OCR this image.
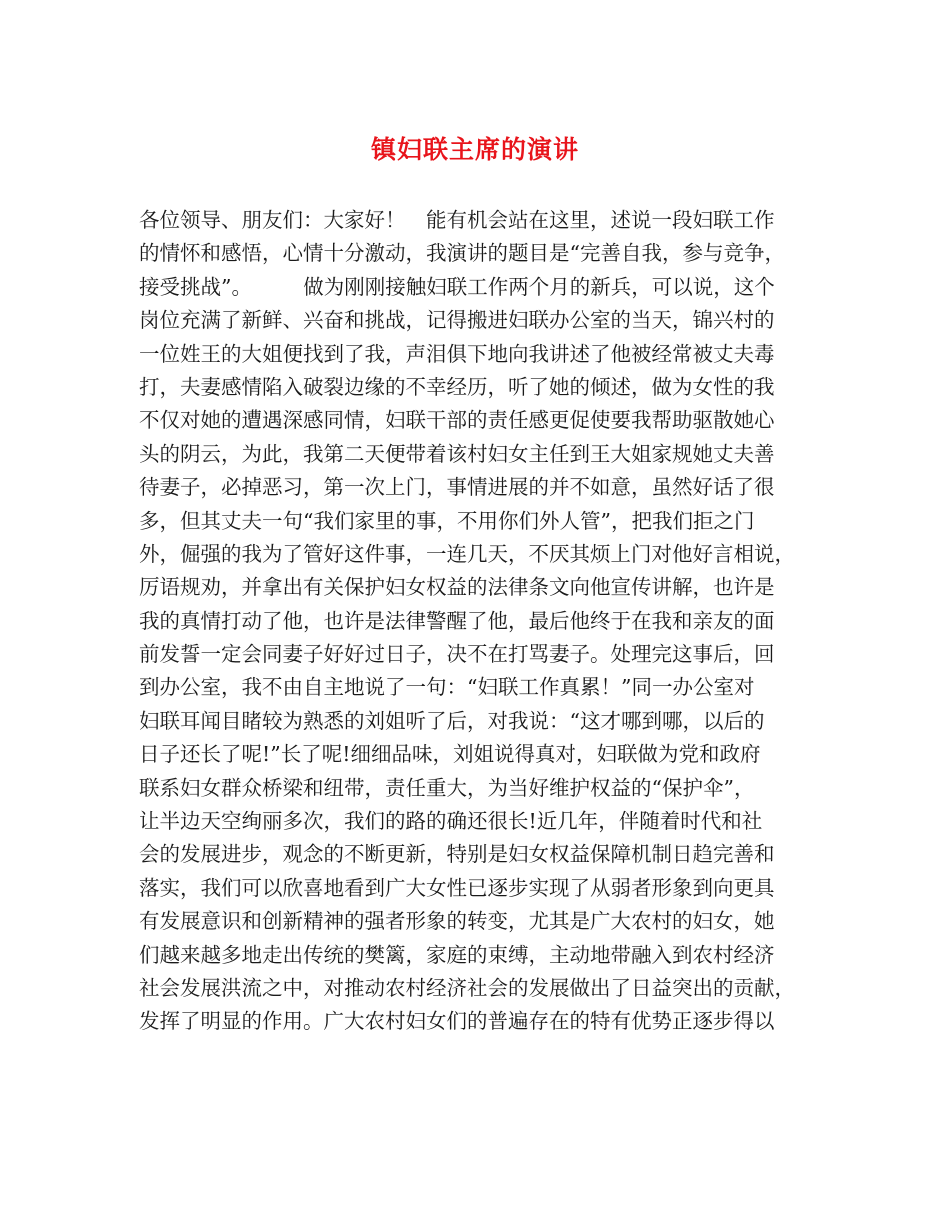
镇妇联主席的演讲
各位领导、朋友们：大家好！　能有机会站在这里，述说一段妇联工作
的情怀和感悟，心情十分激动，我演讲的题目是“完善自我，参与竞争，
接受挑战”。　　　做为刚刚接触妇联工作两个月的新兵，可以说，这个
岗位充满了新鲜、兴奋和挑战，记得搬进妇联办公室的当天，锦兴村的
一位姓王的大姐便找到了我，声泪俱下地向我讲述了他被经常被丈夫毒
打，夫妻感情陷入破裂边缘的不幸经历，听了她的倾述，做为女性的我
不仅对她的遭遇深感同情，妇联干部的责任感更促使要我帮助驱散她心
头的阴云，为此，我第二天便带着该村妇女主任到王大姐家规她丈夫善
待妻子，必掉恶习，第一次上门，事情进展的并不如意，虽然好话了很
多，但其丈夫一句“我们家里的事，不用你们外人管”，把我们拒之门
外，倔强的我为了管好这件事，一连几天，不厌其烦上门对他好言相说，
厉语规劝，并拿出有关保护妇女权益的法律条文向他宣传讲解，也许是
我的真情打动了他，也许是法律警醒了他，最后他终于在我和亲友的面
前发誓一定会同妻子好好过日子，决不在打骂妻子。处理完这事后，回
到办公室，我不由自主地说了一句：“妇联工作真累！”同一办公室对
妇联耳闻目睹较为熟悉的刘姐听了后，对我说：“这才哪到哪，以后的
日子还长了呢!”长了呢!细细品味，刘姐说得真对，妇联做为党和政府
联系妇女群众桥梁和纽带，责任重大，为当好维护权益的“保护伞”，
让半边天空绚丽多次，我们的路的确还很长!近几年，伴随着时代和社
会的发展进步，观念的不断更新，特别是妇女权益保障机制日趋完善和
落实，我们可以欣喜地看到广大女性已逐步实现了从弱者形象到向更具
有发展意识和创新精神的强者形象的转变，尤其是广大农村的妇女，她
们越来越多地走出传统的樊篱，家庭的束缚，主动地带融入到农村经济
社会发展洪流之中，对推动农村经济社会的发展做出了日益突出的贡献，
发挥了明显的作用。广大农村妇女们的普遍存在的特有优势正逐步得以
